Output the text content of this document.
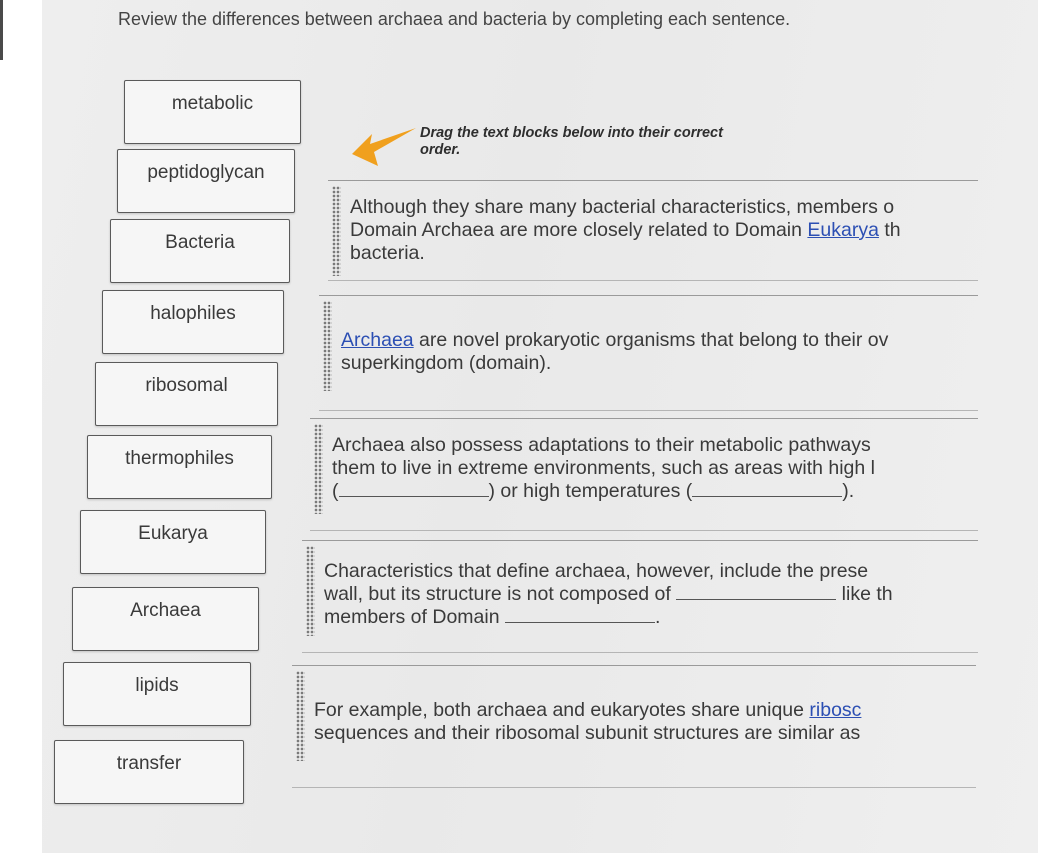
Review the differences between archaea and bacteria by completing each sentence.
metabolic
peptidoglycan
Bacteria
halophiles
ribosomal
thermophiles
Eukarya
Archaea
lipids
transfer
Drag the text blocks below into their correct order.
Although they share many bacterial characteristics, members o
Domain Archaea are more closely related to Domain Eukarya th
bacteria.
Archaea are novel prokaryotic organisms that belong to their ov
superkingdom (domain).
Archaea also possess adaptations to their metabolic pathways
them to live in extreme environments, such as areas with high l
(	) or high temperatures (	).
Characteristics that define archaea, however, include the prese
wall, but its structure is not composed of	like th
members of Domain	.
For example, both archaea and eukaryotes share unique ribosc
sequences and their ribosomal subunit structures are similar as
